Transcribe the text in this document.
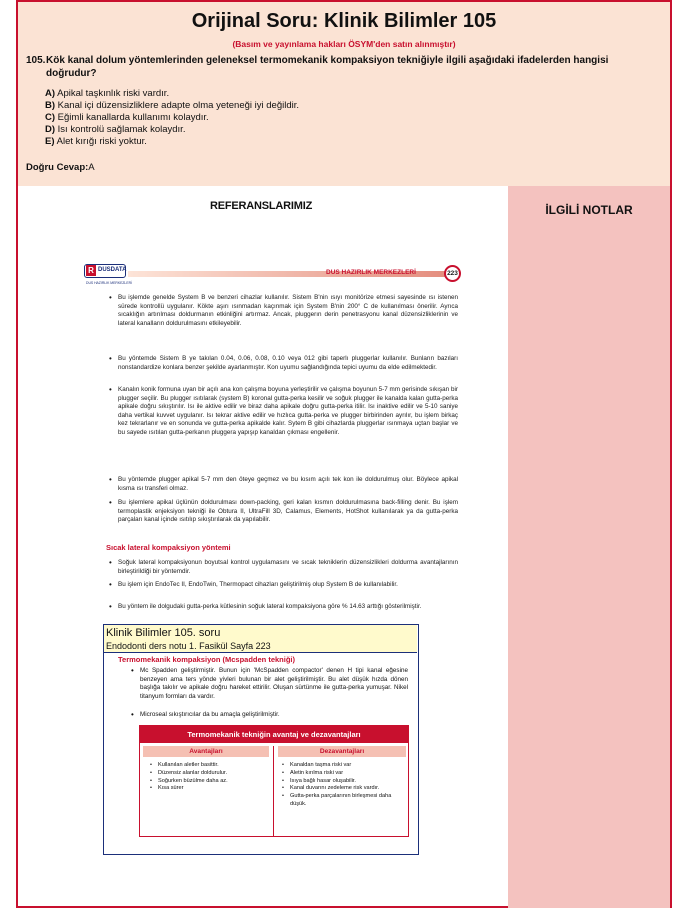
Orijinal Soru: Klinik Bilimler 105
(Basım ve yayınlama hakları ÖSYM'den satın alınmıştır)
105.Kök kanal dolum yöntemlerinden geleneksel termomekanik kompaksiyon tekniğiyle ilgili aşağıdaki ifadelerden hangisi doğrudur?
A) Apikal taşkınlık riski vardır.
B) Kanal içi düzensizliklere adapte olma yeteneği iyi değildir.
C) Eğimli kanallarda kullanımı kolaydır.
D) Isı kontrolü sağlamak kolaydır.
E) Alet kırığı riski yoktur.
Doğru Cevap:A
REFERANSLARIMIZ	İLGİLİ NOTLAR
R DUSDATA
DUS HAZIRLIK MERKEZLERİ
DUS HAZIRLIK MERKEZLERİ	223
• Bu işlemde genelde System B ve benzeri cihazlar kullanılır. Sistem B'nin ısıyı monitörize etmesi sayesinde ısı istenen sürede kontrollü uygulanır. Kökte aşırı ısınmadan kaçınmak için System B'nin 200° C de kullanılması önerilir. Ayrıca sıcaklığın artırılması doldurmanın etkinliğini artırmaz. Ancak, pluggerın derin penetrasyonu kanal düzensizliklerinin ve lateral kanalların doldurulmasını etkileyebilir.

• Bu yöntemde Sistem B ye takılan 0.04, 0.06, 0.08, 0.10 veya 012 gibi taperlı pluggerlar kullanılır. Bunların bazıları nonstandardize konlara benzer şekilde ayarlanmıştır. Kon uyumu sağlandığında tepici uyumu da elde edilmektedir.

• Kanalın konik formuna uyan bir açılı ana kon çalışma boyuna yerleştirilir ve çalışma boyunun 5-7 mm gerisinde sıkışan bir plugger seçilir. Bu plugger ısıtılarak (system B) koronal gutta-perka kesilir ve soğuk plugger ile kanalda kalan gutta-perka apikale doğru sıkıştırılır. Isı ile aktive edilir ve biraz daha apikale doğru gutta-perka itilir. Isı inaktive edilir ve 5-10 saniye daha vertikal kuvvet uygulanır. Isı tekrar aktive edilir ve hızlıca gutta-perka ve plugger birbirinden ayrılır, bu işlem birkaç kez tekrarlanır ve en sonunda ve gutta-perka apikalde kalır. Sytem B gibi cihazlarda pluggerlar ısınmaya uçtan başlar ve bu sayede ısıtılan gutta-perkanın pluggera yapışıp kanaldan çıkması engellenir.

• Bu yöntemde plugger apikal 5-7 mm den öteye geçmez ve bu kısım açılı tek kon ile doldurulmuş olur. Böylece apikal kısma ısı transferi olmaz.

• Bu işlemlere apikal üçlünün doldurulması down-packing, geri kalan kısmın doldurulmasına back-filling denir. Bu işlem termoplastik enjeksiyon tekniği ile Obtura II, UltraFill 3D, Calamus, Elements, HotShot kullanılarak ya da gutta-perka parçaları kanal içinde ısıtılıp sıkıştırılarak da yapılabilir.

Sıcak lateral kompaksiyon yöntemi
• Soğuk lateral kompaksiyonun boyutsal kontrol uygulamasını ve sıcak tekniklerin düzensizlikleri doldurma avantajlarının birleştirildiği bir yöntemdir.

• Bu işlem için EndoTec II, EndoTwin, Thermopact cihazları geliştirilmiş olup System B de kullanılabilir.

• Bu yöntem ile dolgudaki gutta-perka kütlesinin soğuk lateral kompaksiyona göre % 14.63 arttığı gösterilmiştir.

Klinik Bilimler 105. soru
Endodonti ders notu 1. Fasikül Sayfa 223
Termomekanik kompaksiyon (Mcspadden tekniği)
• Mc Spadden geliştirmiştir. Bunun için 'McSpadden compactor' denen H tipi kanal eğesine benzeyen ama ters yönde yivleri bulunan bir alet geliştirilmiştir. Bu alet düşük hızda dönen başlığa takılır ve apikale doğru hareket ettirilir. Oluşan sürtünme ile gutta-perka yumuşar. Nikel titanyum formları da vardır.

• Microseal sıkıştırıcılar da bu amaçla geliştirilmiştir.

Termomekanik tekniğin avantaj ve dezavantajları
Avantajları	Dezavantajları
• Kullanılan aletler basittir.
• Düzensiz alanlar doldurulur.
• Soğurken büzülme daha az.
• Kısa sürer
• Kanaldan taşma riski var
• Aletin kırılma riski var
• Isıya bağlı hasar oluşabilir.
• Kanal duvarını zedeleme risk vardır.
• Gutta-perka parçalarının birleşmesi daha düşük.
